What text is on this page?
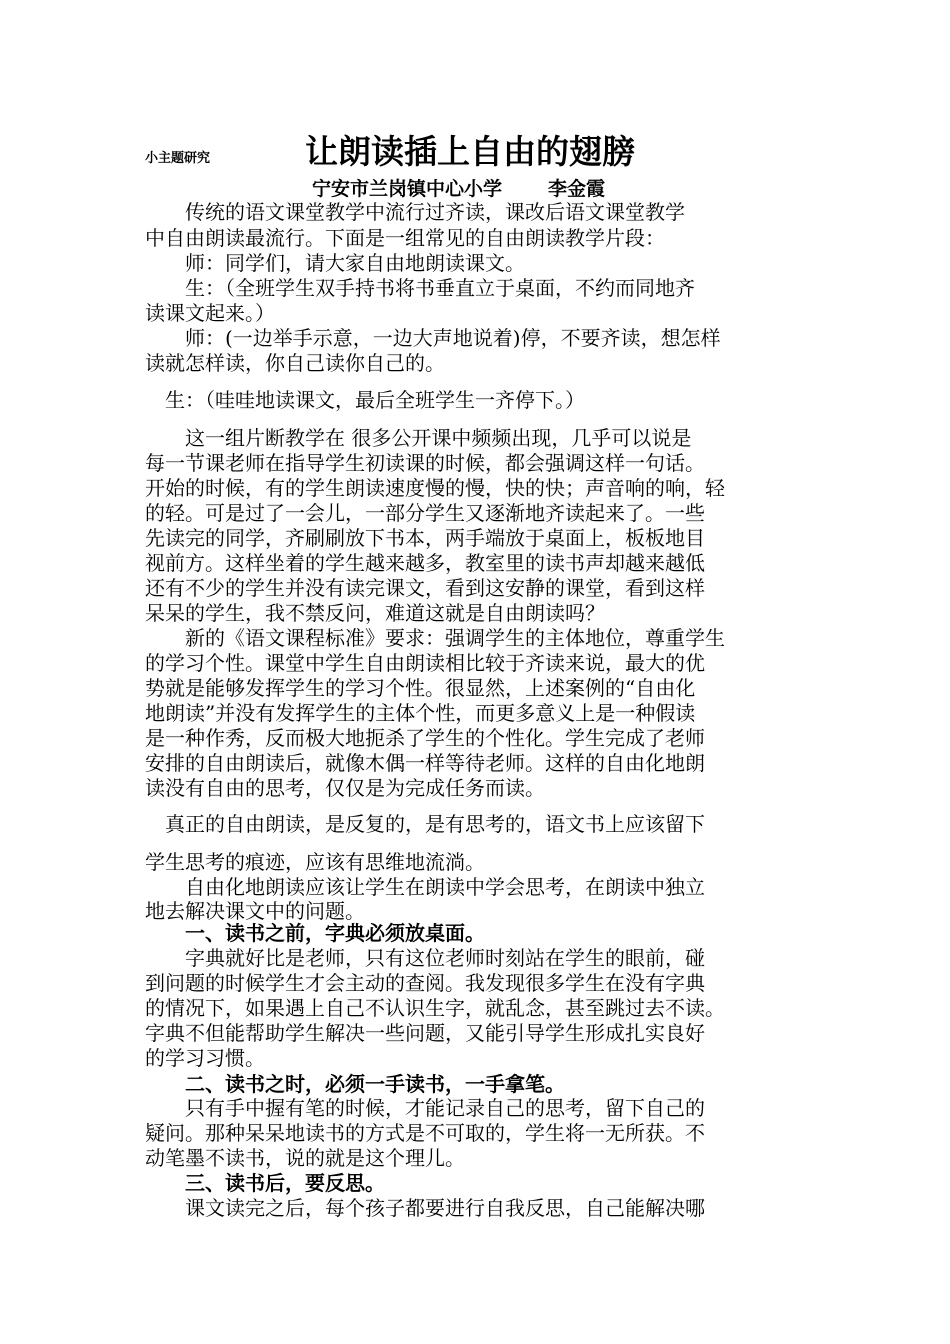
小主题研究	让朗读插上自由的翅膀
宁安市兰岗镇中心小学 李金霞
　　传统的语文课堂教学中流行过齐读，课改后语文课堂教学
中自由朗读最流行。下面是一组常见的自由朗读教学片段：
　　师：同学们，请大家自由地朗读课文。
　　生：（全班学生双手持书将书垂直立于桌面，不约而同地齐
读课文起来。）
　　师：(一边举手示意，一边大声地说着)停，不要齐读，想怎样
读就怎样读，你自己读你自己的。
　生：（哇哇地读课文，最后全班学生一齐停下。）
　　这一组片断教学在 很多公开课中频频出现，几乎可以说是
每一节课老师在指导学生初读课的时候，都会强调这样一句话。
开始的时候，有的学生朗读速度慢的慢，快的快；声音响的响，轻
的轻。可是过了一会儿，一部分学生又逐渐地齐读起来了。一些
先读完的同学，齐刷刷放下书本，两手端放于桌面上，板板地目
视前方。这样坐着的学生越来越多，教室里的读书声却越来越低
还有不少的学生并没有读完课文，看到这安静的课堂，看到这样
呆呆的学生，我不禁反问，难道这就是自由朗读吗？
　　新的《语文课程标准》要求：强调学生的主体地位，尊重学生
的学习个性。课堂中学生自由朗读相比较于齐读来说，最大的优
势就是能够发挥学生的学习个性。很显然，上述案例的“自由化
地朗读”并没有发挥学生的主体个性，而更多意义上是一种假读
是一种作秀，反而极大地扼杀了学生的个性化。学生完成了老师
安排的自由朗读后，就像木偶一样等待老师。这样的自由化地朗
读没有自由的思考，仅仅是为完成任务而读。
　真正的自由朗读，是反复的，是有思考的，语文书上应该留下
学生思考的痕迹，应该有思维地流淌。
　　自由化地朗读应该让学生在朗读中学会思考，在朗读中独立
地去解决课文中的问题。
　　一、读书之前，字典必须放桌面。
　　字典就好比是老师，只有这位老师时刻站在学生的眼前，碰
到问题的时候学生才会主动的查阅。我发现很多学生在没有字典
的情况下，如果遇上自己不认识生字，就乱念，甚至跳过去不读。
字典不但能帮助学生解决一些问题，又能引导学生形成扎实良好
的学习习惯。
　　二、读书之时，必须一手读书，一手拿笔。
　　只有手中握有笔的时候，才能记录自己的思考，留下自己的
疑问。那种呆呆地读书的方式是不可取的，学生将一无所获。不
动笔墨不读书，说的就是这个理儿。
　　三、读书后，要反思。
　　课文读完之后，每个孩子都要进行自我反思，自己能解决哪
